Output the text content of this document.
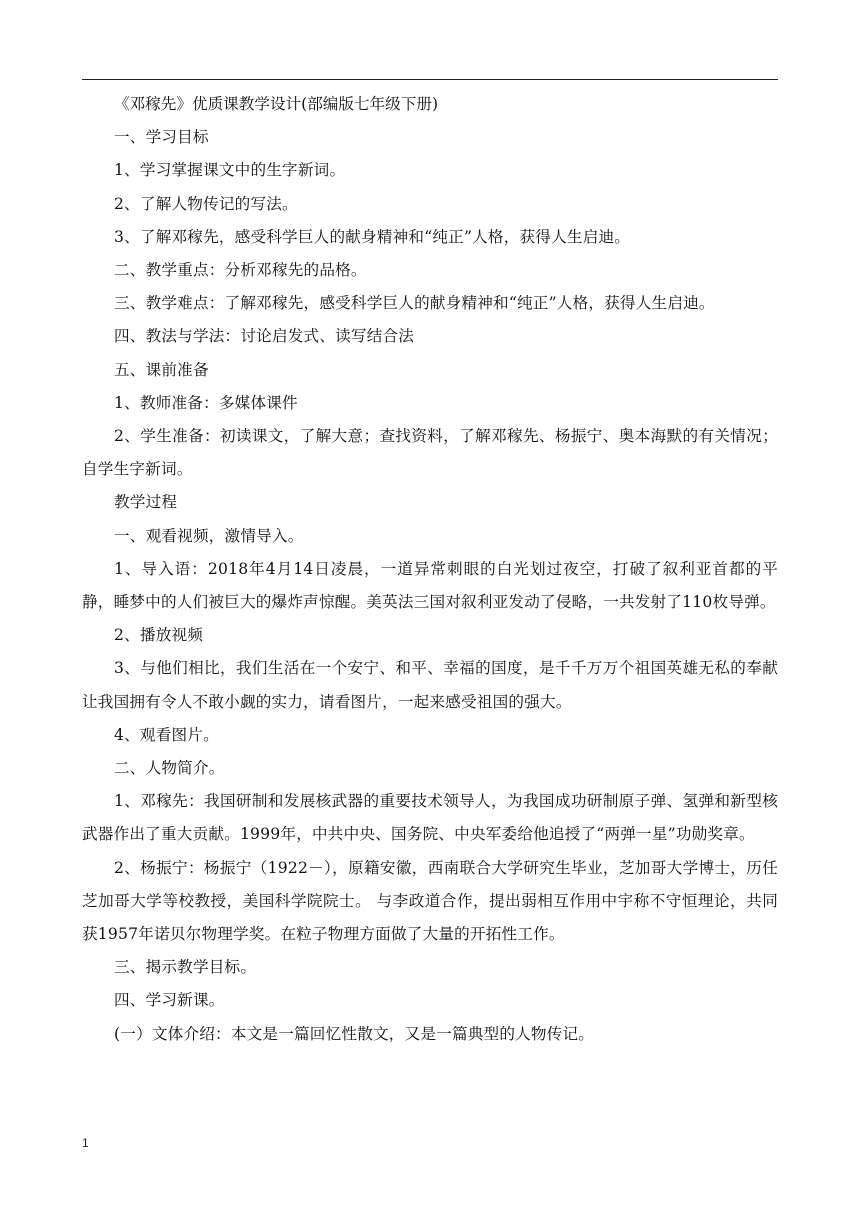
《邓稼先》优质课教学设计(部编版七年级下册)

一、学习目标

1、学习掌握课文中的生字新词。

2、了解人物传记的写法。

3、了解邓稼先，感受科学巨人的献身精神和“纯正”人格，获得人生启迪。

二、教学重点：分析邓稼先的品格。

三、教学难点：了解邓稼先，感受科学巨人的献身精神和“纯正”人格，获得人生启迪。

四、教法与学法：讨论启发式、读写结合法

五、课前准备

1、教师准备：多媒体课件

2、学生准备：初读课文，了解大意；查找资料，了解邓稼先、杨振宁、奥本海默的有关情况；自学生字新词。

教学过程

一、观看视频，激情导入。

1、导入语：2018年4月14日凌晨，一道异常刺眼的白光划过夜空，打破了叙利亚首都的平静，睡梦中的人们被巨大的爆炸声惊醒。美英法三国对叙利亚发动了侵略，一共发射了110枚导弹。

2、播放视频

3、与他们相比，我们生活在一个安宁、和平、幸福的国度，是千千万万个祖国英雄无私的奉献让我国拥有令人不敢小觑的实力，请看图片，一起来感受祖国的强大。

4、观看图片。

二、人物简介。

1、邓稼先：我国研制和发展核武器的重要技术领导人，为我国成功研制原子弹、氢弹和新型核武器作出了重大贡献。1999年，中共中央、国务院、中央军委给他追授了“两弹一星”功勋奖章。

2、杨振宁：杨振宁（1922－），原籍安徽，西南联合大学研究生毕业，芝加哥大学博士，历任芝加哥大学等校教授，美国科学院院士。 与李政道合作，提出弱相互作用中宇称不守恒理论，共同获1957年诺贝尔物理学奖。在粒子物理方面做了大量的开拓性工作。

三、揭示教学目标。

四、学习新课。

(一）文体介绍：本文是一篇回忆性散文，又是一篇典型的人物传记。

1
